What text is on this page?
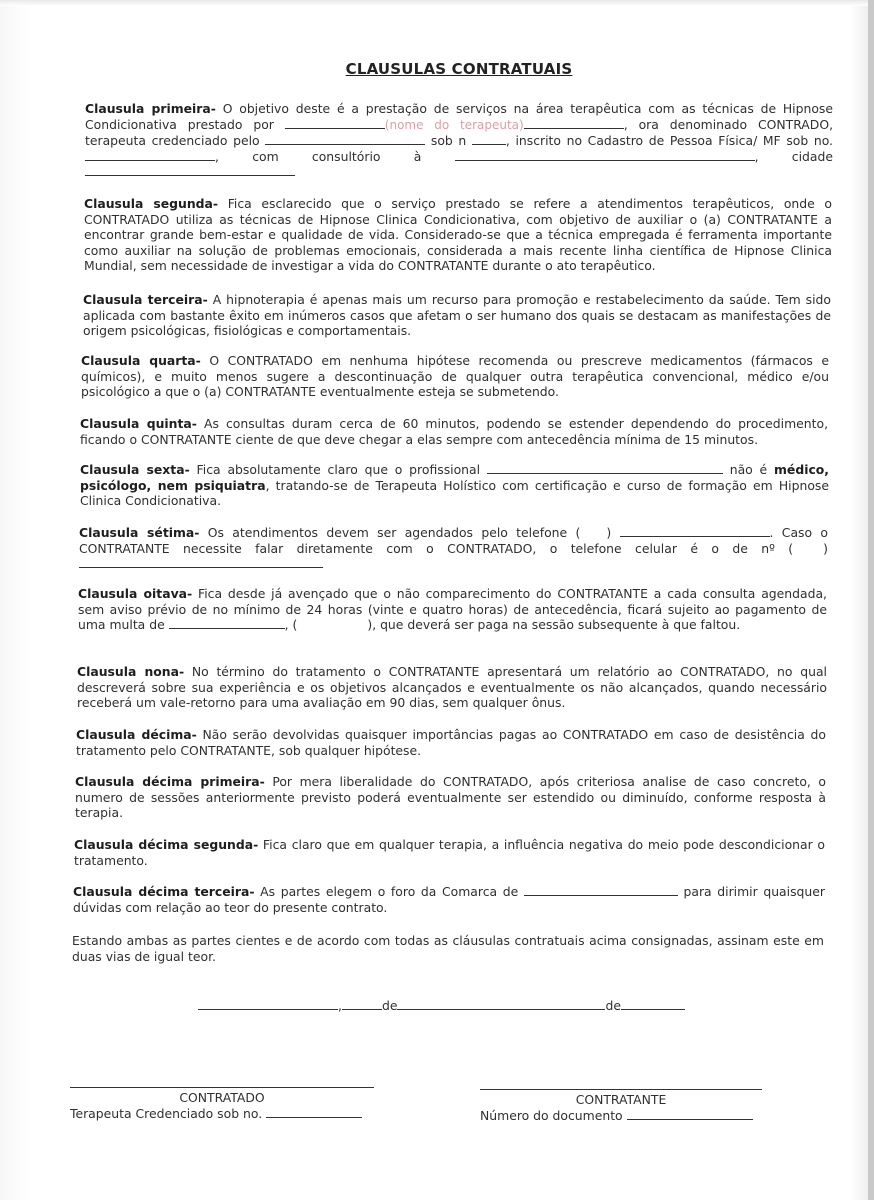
CLAUSULAS CONTRATUAIS

Clausula primeira- O objetivo deste é a prestação de serviços na área terapêutica com as técnicas de Hipnose Condicionativa prestado por	(nome do terapeuta)	, ora denominado CONTRADO, terapeuta credenciado pelo	sob n	, inscrito no Cadastro de Pessoa Física/ MF sob no. , com consultório à	, cidade

Clausula segunda- Fica esclarecido que o serviço prestado se refere a atendimentos terapêuticos, onde o CONTRATADO utiliza as técnicas de Hipnose Clinica Condicionativa, com objetivo de auxiliar o (a) CONTRATANTE a encontrar grande bem-estar e qualidade de vida. Considerado-se que a técnica empregada é ferramenta importante como auxiliar na solução de problemas emocionais, considerada a mais recente linha científica de Hipnose Clinica Mundial, sem necessidade de investigar a vida do CONTRATANTE durante o ato terapêutico.

Clausula terceira- A hipnoterapia é apenas mais um recurso para promoção e restabelecimento da saúde. Tem sido aplicada com bastante êxito em inúmeros casos que afetam o ser humano dos quais se destacam as manifestações de origem psicológicas, fisiológicas e comportamentais.

Clausula quarta- O CONTRATADO em nenhuma hipótese recomenda ou prescreve medicamentos (fármacos e químicos), e muito menos sugere a descontinuação de qualquer outra terapêutica convencional, médico e/ou psicológico a que o (a) CONTRATANTE eventualmente esteja se submetendo.

Clausula quinta- As consultas duram cerca de 60 minutos, podendo se estender dependendo do procedimento, ficando o CONTRATANTE ciente de que deve chegar a elas sempre com antecedência mínima de 15 minutos.

Clausula sexta- Fica absolutamente claro que o profissional	não é médico, psicólogo, nem psiquiatra, tratando-se de Terapeuta Holístico com certificação e curso de formação em Hipnose Clinica Condicionativa.

Clausula sétima- Os atendimentos devem ser agendados pelo telefone ( )	. Caso o CONTRATANTE necessite falar diretamente com o CONTRATADO, o telefone celular é o de nº ( )

Clausula oitava- Fica desde já avençado que o não comparecimento do CONTRATANTE a cada consulta agendada, sem aviso prévio de no mínimo de 24 horas (vinte e quatro horas) de antecedência, ficará sujeito ao pagamento de uma multa de	, (	), que deverá ser paga na sessão subsequente à que faltou.

Clausula nona- No término do tratamento o CONTRATANTE apresentará um relatório ao CONTRATADO, no qual descreverá sobre sua experiência e os objetivos alcançados e eventualmente os não alcançados, quando necessário receberá um vale-retorno para uma avaliação em 90 dias, sem qualquer ônus.

Clausula décima- Não serão devolvidas quaisquer importâncias pagas ao CONTRATADO em caso de desistência do tratamento pelo CONTRATANTE, sob qualquer hipótese.

Clausula décima primeira- Por mera liberalidade do CONTRATADO, após criteriosa analise de caso concreto, o numero de sessões anteriormente previsto poderá eventualmente ser estendido ou diminuído, conforme resposta à terapia.

Clausula décima segunda- Fica claro que em qualquer terapia, a influência negativa do meio pode descondicionar o tratamento.

Clausula décima terceira- As partes elegem o foro da Comarca de	para dirimir quaisquer dúvidas com relação ao teor do presente contrato.

Estando ambas as partes cientes e de acordo com todas as cláusulas contratuais acima consignadas, assinam este em duas vias de igual teor.

,	de	de
CONTRATADO
Terapeuta Credenciado sob no.
CONTRATANTE
Número do documento
